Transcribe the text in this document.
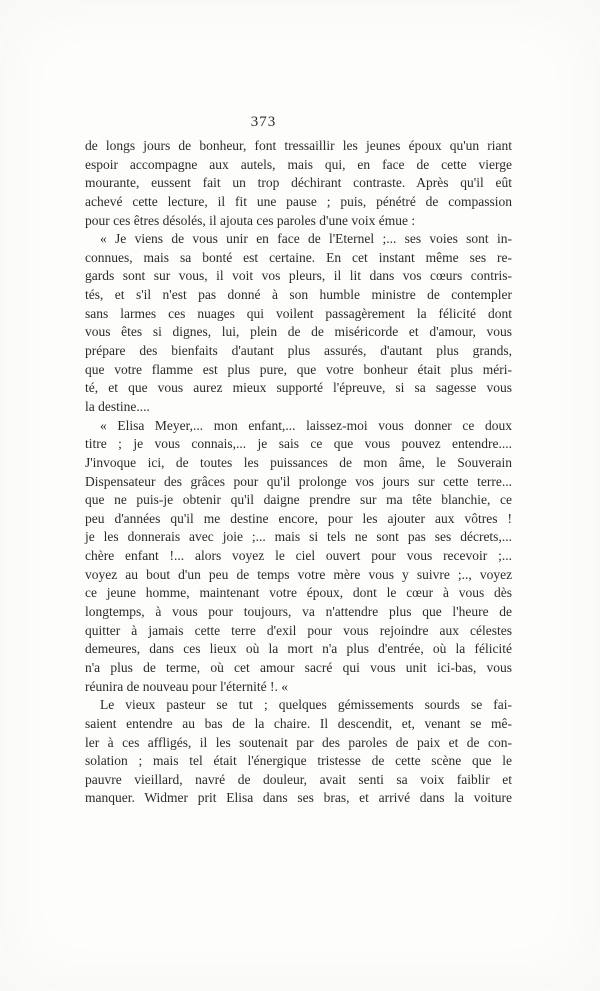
373
de longs jours de bonheur, font tressaillir les jeunes époux qu'un riant
espoir accompagne aux autels, mais qui, en face de cette vierge
mourante, eussent fait un trop déchirant contraste. Après qu'il eût
achevé cette lecture, il fit une pause ; puis, pénétré de compassion
pour ces êtres désolés, il ajouta ces paroles d'une voix émue :
« Je viens de vous unir en face de l'Eternel ;... ses voies sont in-
connues, mais sa bonté est certaine. En cet instant même ses re-
gards sont sur vous, il voit vos pleurs, il lit dans vos cœurs contris-
tés, et s'il n'est pas donné à son humble ministre de contempler
sans larmes ces nuages qui voilent passagèrement la félicité dont
vous êtes si dignes, lui, plein de de miséricorde et d'amour, vous
prépare des bienfaits d'autant plus assurés, d'autant plus grands,
que votre flamme est plus pure, que votre bonheur était plus méri-
té, et que vous aurez mieux supporté l'épreuve, si sa sagesse vous
la destine....
« Elisa Meyer,... mon enfant,... laissez-moi vous donner ce doux
titre ; je vous connais,... je sais ce que vous pouvez entendre....
J'invoque ici, de toutes les puissances de mon âme, le Souverain
Dispensateur des grâces pour qu'il prolonge vos jours sur cette terre...
que ne puis-je obtenir qu'il daigne prendre sur ma tête blanchie, ce
peu d'années qu'il me destine encore, pour les ajouter aux vôtres !
je les donnerais avec joie ;... mais si tels ne sont pas ses décrets,...
chère enfant !... alors voyez le ciel ouvert pour vous recevoir ;...
voyez au bout d'un peu de temps votre mère vous y suivre ;.., voyez
ce jeune homme, maintenant votre époux, dont le cœur à vous dès
longtemps, à vous pour toujours, va n'attendre plus que l'heure de
quitter à jamais cette terre d'exil pour vous rejoindre aux célestes
demeures, dans ces lieux où la mort n'a plus d'entrée, où la félicité
n'a plus de terme, où cet amour sacré qui vous unit ici-bas, vous
réunira de nouveau pour l'éternité !. «
Le vieux pasteur se tut ; quelques gémissements sourds se fai-
saient entendre au bas de la chaire. Il descendit, et, venant se mê-
ler à ces affligés, il les soutenait par des paroles de paix et de con-
solation ; mais tel était l'énergique tristesse de cette scène que le
pauvre vieillard, navré de douleur, avait senti sa voix faiblir et
manquer. Widmer prit Elisa dans ses bras, et arrivé dans la voiture
